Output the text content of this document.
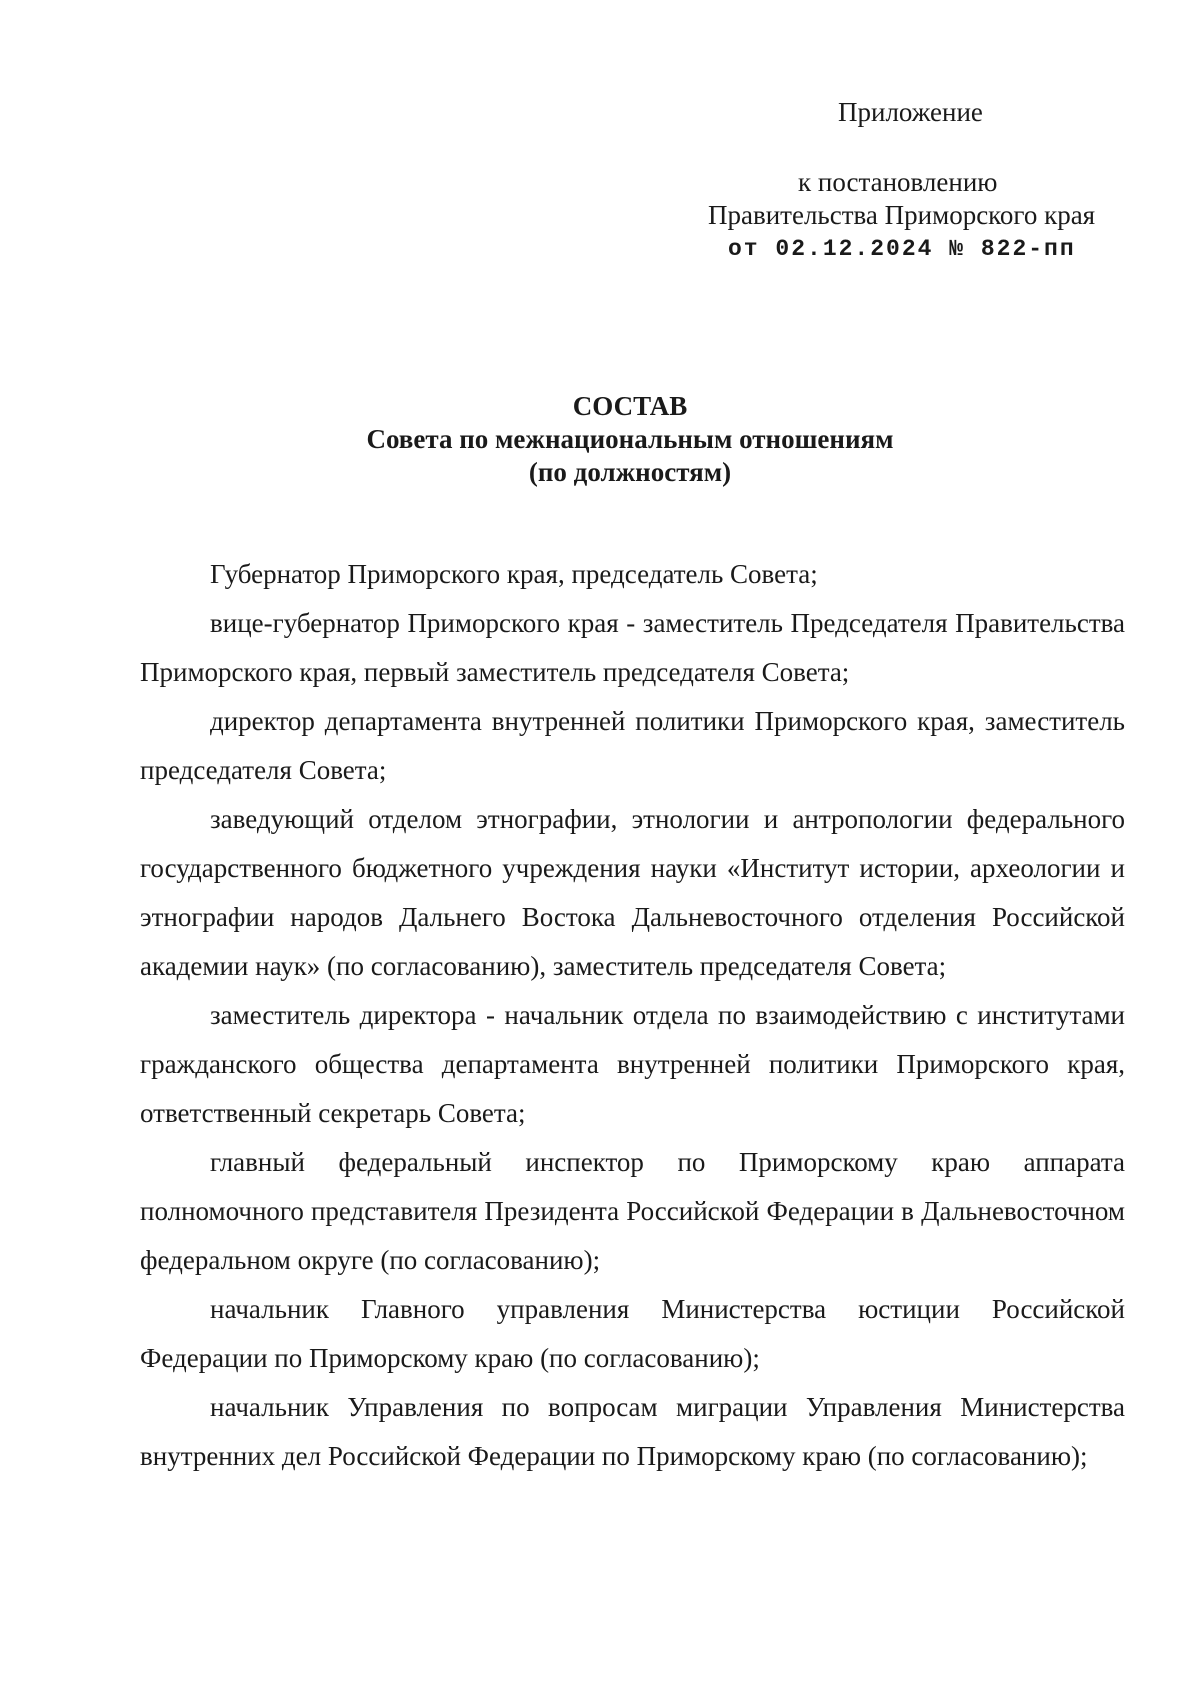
Приложение
к постановлению
Правительства Приморского края
от 02.12.2024 № 822-пп
СОСТАВ
Совета по межнациональным отношениям
(по должностям)

Губернатор Приморского края, председатель Совета;

вице-губернатор Приморского края - заместитель Председателя Правительства Приморского края, первый заместитель председателя Совета;

директор департамента внутренней политики Приморского края, заместитель председателя Совета;

заведующий отделом этнографии, этнологии и антропологии федерального государственного бюджетного учреждения науки «Институт истории, археологии и этнографии народов Дальнего Востока Дальневосточного отделения Российской академии наук» (по согласованию), заместитель председателя Совета;

заместитель директора - начальник отдела по взаимодействию с институтами гражданского общества департамента внутренней политики Приморского края, ответственный секретарь Совета;

главный федеральный инспектор по Приморскому краю аппарата полномочного представителя Президента Российской Федерации в Дальневосточном федеральном округе (по согласованию);

начальник Главного управления Министерства юстиции Российской Федерации по Приморскому краю (по согласованию);

начальник Управления по вопросам миграции Управления Министерства внутренних дел Российской Федерации по Приморскому краю (по согласованию);
